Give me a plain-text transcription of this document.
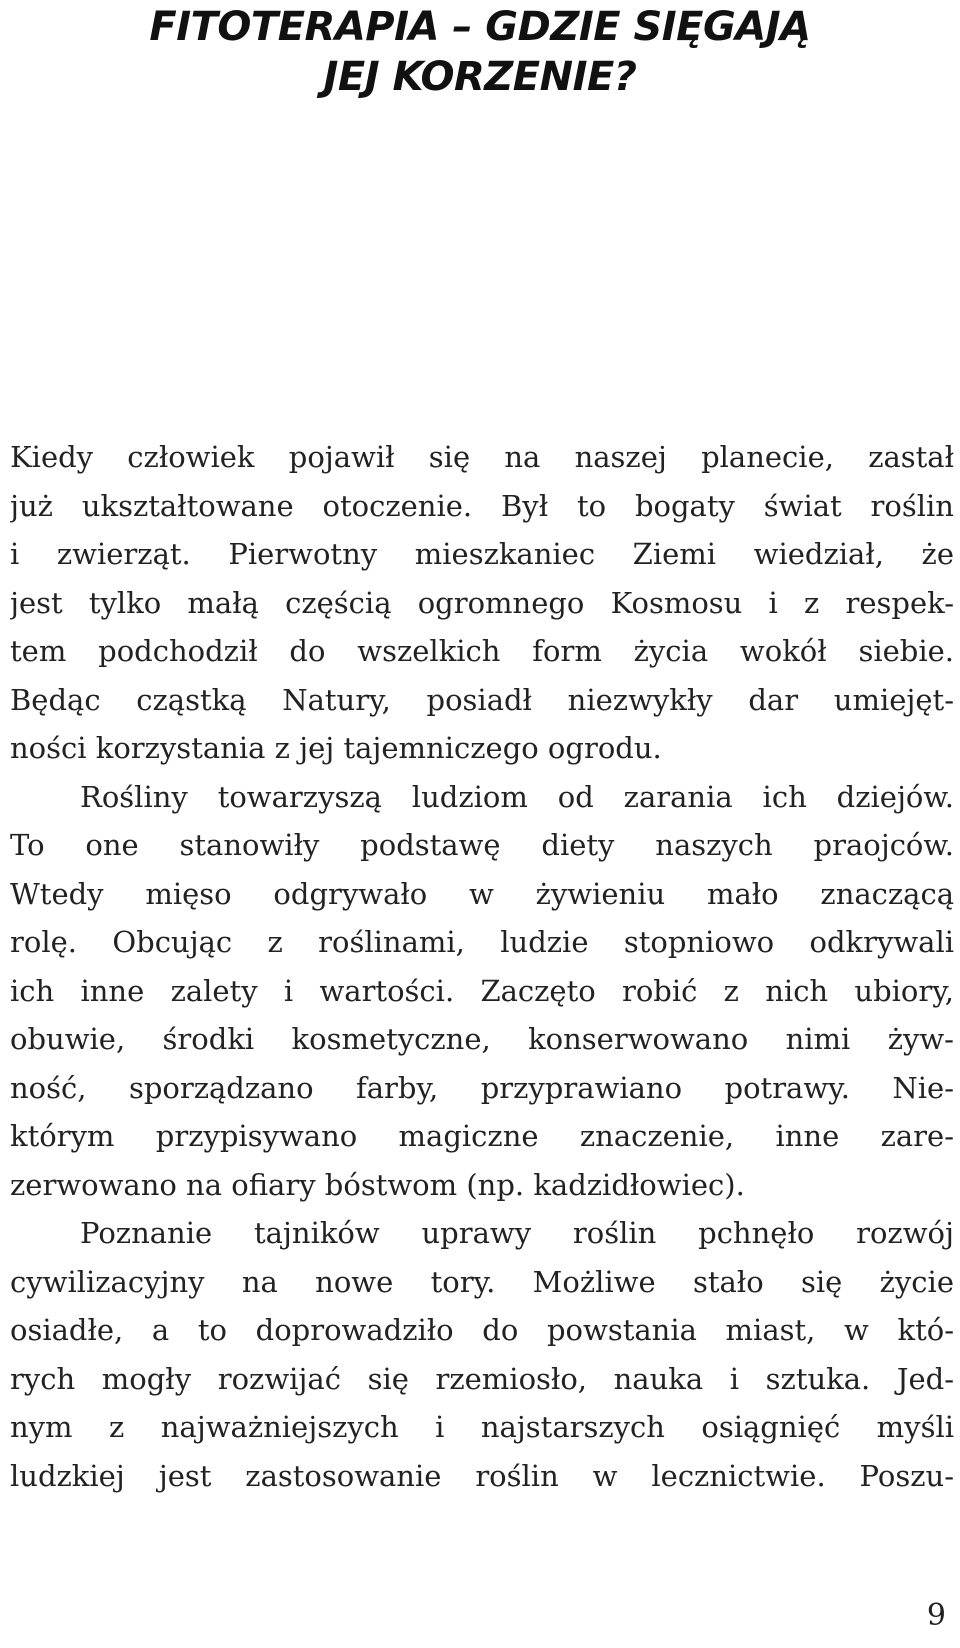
FITOTERAPIA – GDZIE SIĘGAJĄ
JEJ KORZENIE?
Kiedy człowiek pojawił się na naszej planecie, zastał
już ukształtowane otoczenie. Był to bogaty świat roślin
i zwierząt. Pierwotny mieszkaniec Ziemi wiedział, że
jest tylko małą częścią ogromnego Kosmosu i z respek-
tem podchodził do wszelkich form życia wokół siebie.
Będąc cząstką Natury, posiadł niezwykły dar umiejęt-
ności korzystania z jej tajemniczego ogrodu.
Rośliny towarzyszą ludziom od zarania ich dziejów.
To one stanowiły podstawę diety naszych praojców.
Wtedy mięso odgrywało w żywieniu mało znaczącą
rolę. Obcując z roślinami, ludzie stopniowo odkrywali
ich inne zalety i wartości. Zaczęto robić z nich ubiory,
obuwie, środki kosmetyczne, konserwowano nimi żyw-
ność, sporządzano farby, przyprawiano potrawy. Nie-
którym przypisywano magiczne znaczenie, inne zare-
zerwowano na ofiary bóstwom (np. kadzidłowiec).
Poznanie tajników uprawy roślin pchnęło rozwój
cywilizacyjny na nowe tory. Możliwe stało się życie
osiadłe, a to doprowadziło do powstania miast, w któ-
rych mogły rozwijać się rzemiosło, nauka i sztuka. Jed-
nym z najważniejszych i najstarszych osiągnięć myśli
ludzkiej jest zastosowanie roślin w lecznictwie. Poszu-
9
